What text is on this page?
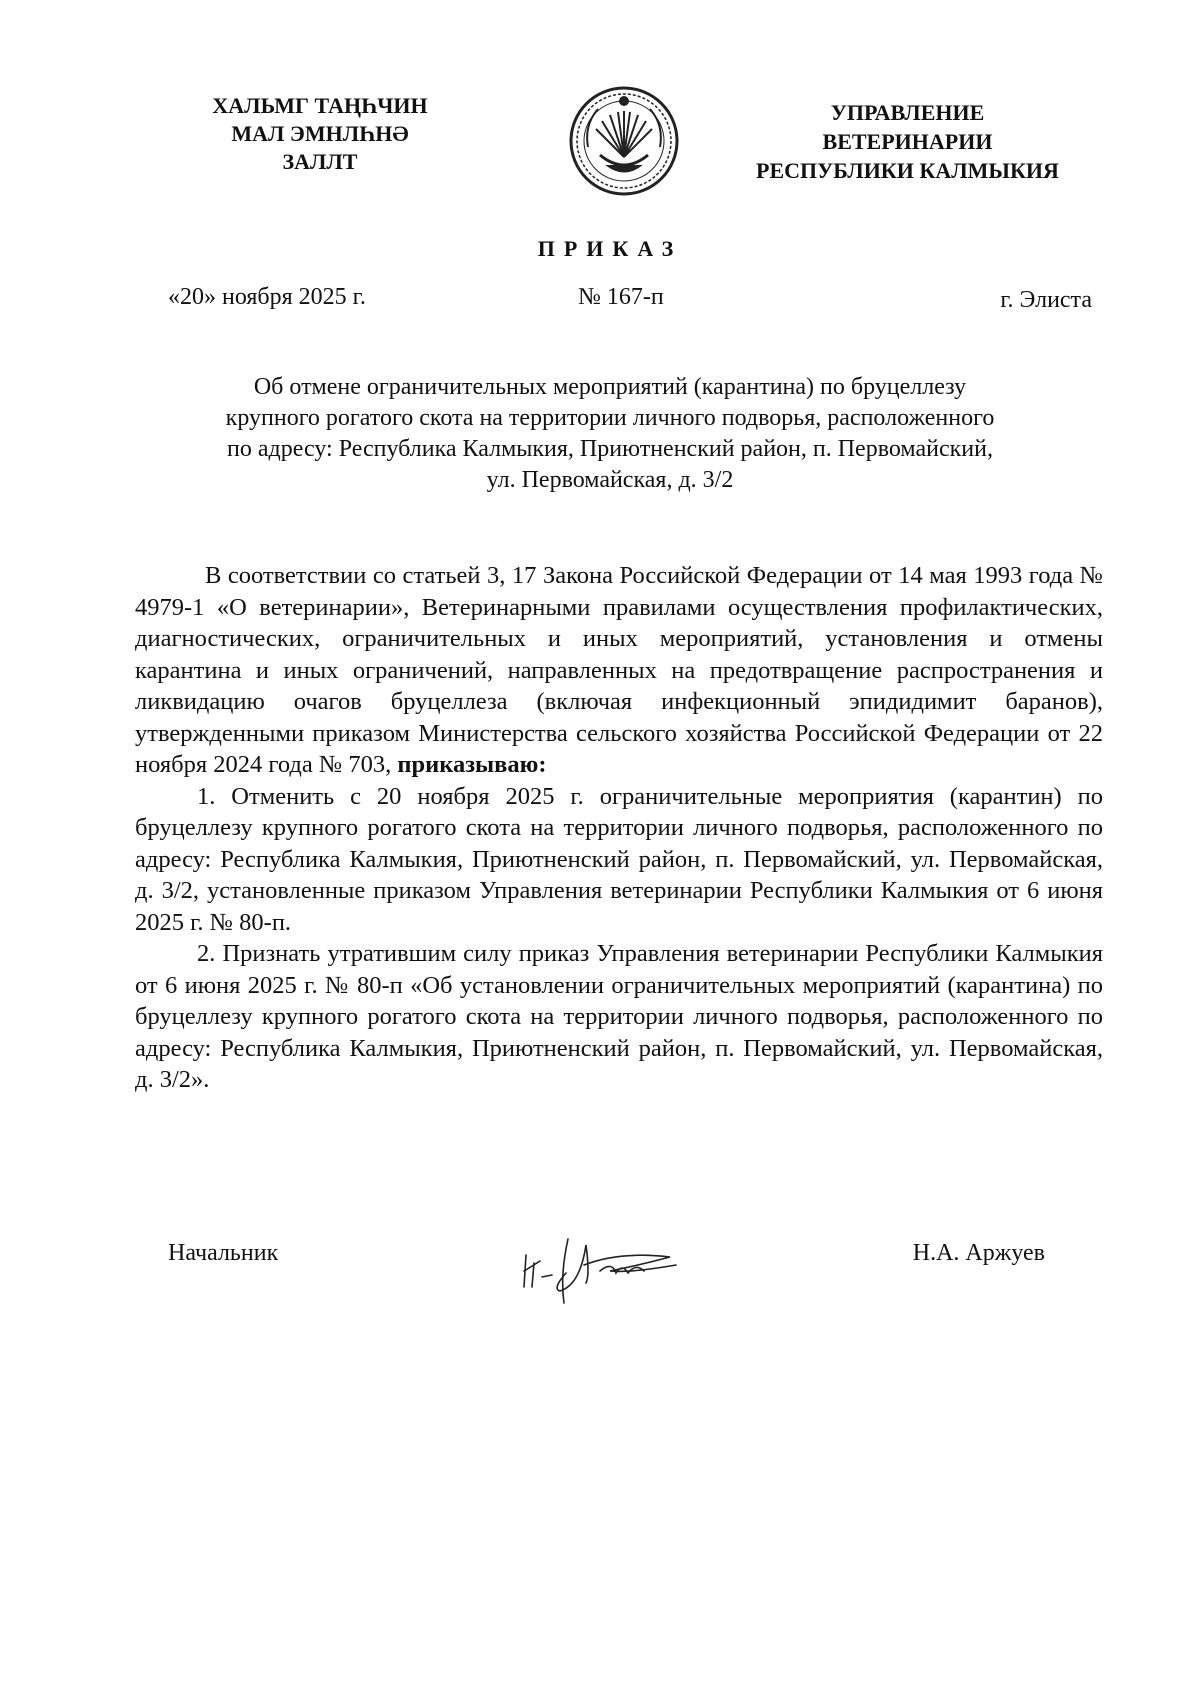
ХАЛЬМГ ТАҢҺЧИН
МАЛ ЭМНЛҺНӘ
ЗАЛЛТ
УПРАВЛЕНИЕ
ВЕТЕРИНАРИИ
РЕСПУБЛИКИ КАЛМЫКИЯ
ПРИКАЗ
«20» ноября 2025 г.	№ 167-п	г. Элиста
Об отмене ограничительных мероприятий (карантина) по бруцеллезу
крупного рогатого скота на территории личного подворья, расположенного
по адресу: Республика Калмыкия, Приютненский район, п. Первомайский,
ул. Первомайская, д. 3/2

В соответствии со статьей 3, 17 Закона Российской Федерации от 14 мая 1993 года № 4979-1 «О ветеринарии», Ветеринарными правилами осуществления профилактических, диагностических, ограничительных и иных мероприятий, установления и отмены карантина и иных ограничений, направленных на предотвращение распространения и ликвидацию очагов бруцеллеза (включая инфекционный эпидидимит баранов), утвержденными приказом Министерства сельского хозяйства Российской Федерации от 22 ноября 2024 года № 703, приказываю:

1. Отменить с 20 ноября 2025 г. ограничительные мероприятия (карантин) по бруцеллезу крупного рогатого скота на территории личного подворья, расположенного по адресу: Республика Калмыкия, Приютненский район, п. Первомайский, ул. Первомайская, д. 3/2, установленные приказом Управления ветеринарии Республики Калмыкия от 6 июня 2025 г. № 80-п.

2. Признать утратившим силу приказ Управления ветеринарии Республики Калмыкия от 6 июня 2025 г. № 80-п «Об установлении ограничительных мероприятий (карантина) по бруцеллезу крупного рогатого скота на территории личного подворья, расположенного по адресу: Республика Калмыкия, Приютненский район, п. Первомайский, ул. Первомайская, д. 3/2».

Начальник	Н.А. Аржуев
